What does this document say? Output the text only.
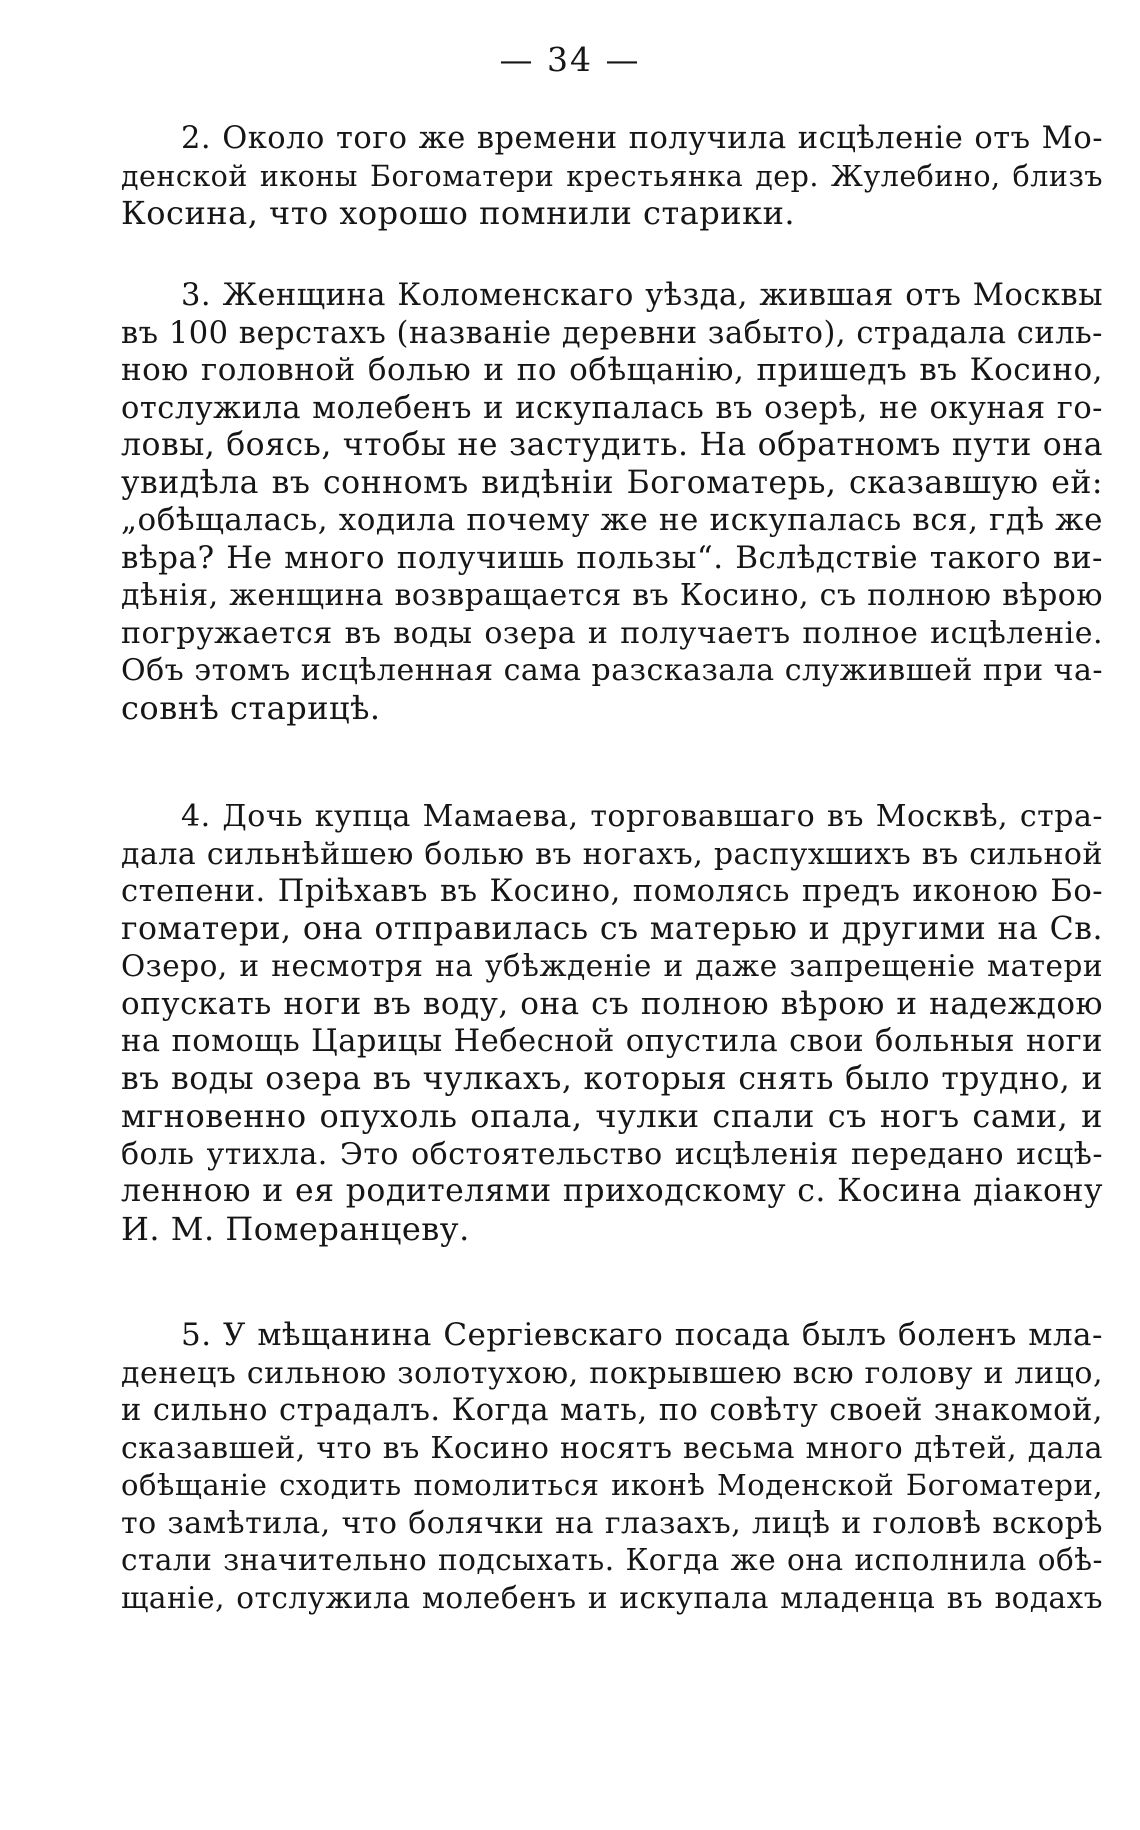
— 34 —
2. Около того же времени получила исцѣленіе отъ Мо-
денской иконы Богоматери крестьянка дер. Жулебино, близъ
Косина, что хорошо помнили старики.
3. Женщина Коломенскаго уѣзда, жившая отъ Москвы
въ 100 верстахъ (названіе деревни забыто), страдала силь-
ною головной болью и по обѣщанію, пришедъ въ Косино,
отслужила молебенъ и искупалась въ озерѣ, не окуная го-
ловы, боясь, чтобы не застудить. На обратномъ пути она
увидѣла въ сонномъ видѣніи Богоматерь, сказавшую ей:
„обѣщалась, ходила почему же не искупалась вся, гдѣ же
вѣра? Не много получишь пользы“. Вслѣдствіе такого ви-
дѣнія, женщина возвращается въ Косино, съ полною вѣрою
погружается въ воды озера и получаетъ полное исцѣленіе.
Объ этомъ исцѣленная сама разсказала служившей при ча-
совнѣ старицѣ.
4. Дочь купца Мамаева, торговавшаго въ Москвѣ, стра-
дала сильнѣйшею болью въ ногахъ, распухшихъ въ сильной
степени. Пріѣхавъ въ Косино, помолясь предъ иконою Бо-
гоматери, она отправилась съ матерью и другими на Св.
Озеро, и несмотря на убѣжденіе и даже запрещеніе матери
опускать ноги въ воду, она съ полною вѣрою и надеждою
на помощь Царицы Небесной опустила свои больныя ноги
въ воды озера въ чулкахъ, которыя снять было трудно, и
мгновенно опухоль опала, чулки спали съ ногъ сами, и
боль утихла. Это обстоятельство исцѣленія передано исцѣ-
ленною и ея родителями приходскому с. Косина діакону
И. М. Померанцеву.
5. У мѣщанина Сергіевскаго посада былъ боленъ мла-
денецъ сильною золотухою, покрывшею всю голову и лицо,
и сильно страдалъ. Когда мать, по совѣту своей знакомой,
сказавшей, что въ Косино носятъ весьма много дѣтей, дала
обѣщаніе сходить помолиться иконѣ Моденской Богоматери,
то замѣтила, что болячки на глазахъ, лицѣ и головѣ вскорѣ
стали значительно подсыхать. Когда же она исполнила обѣ-
щаніе, отслужила молебенъ и искупала младенца въ водахъ
